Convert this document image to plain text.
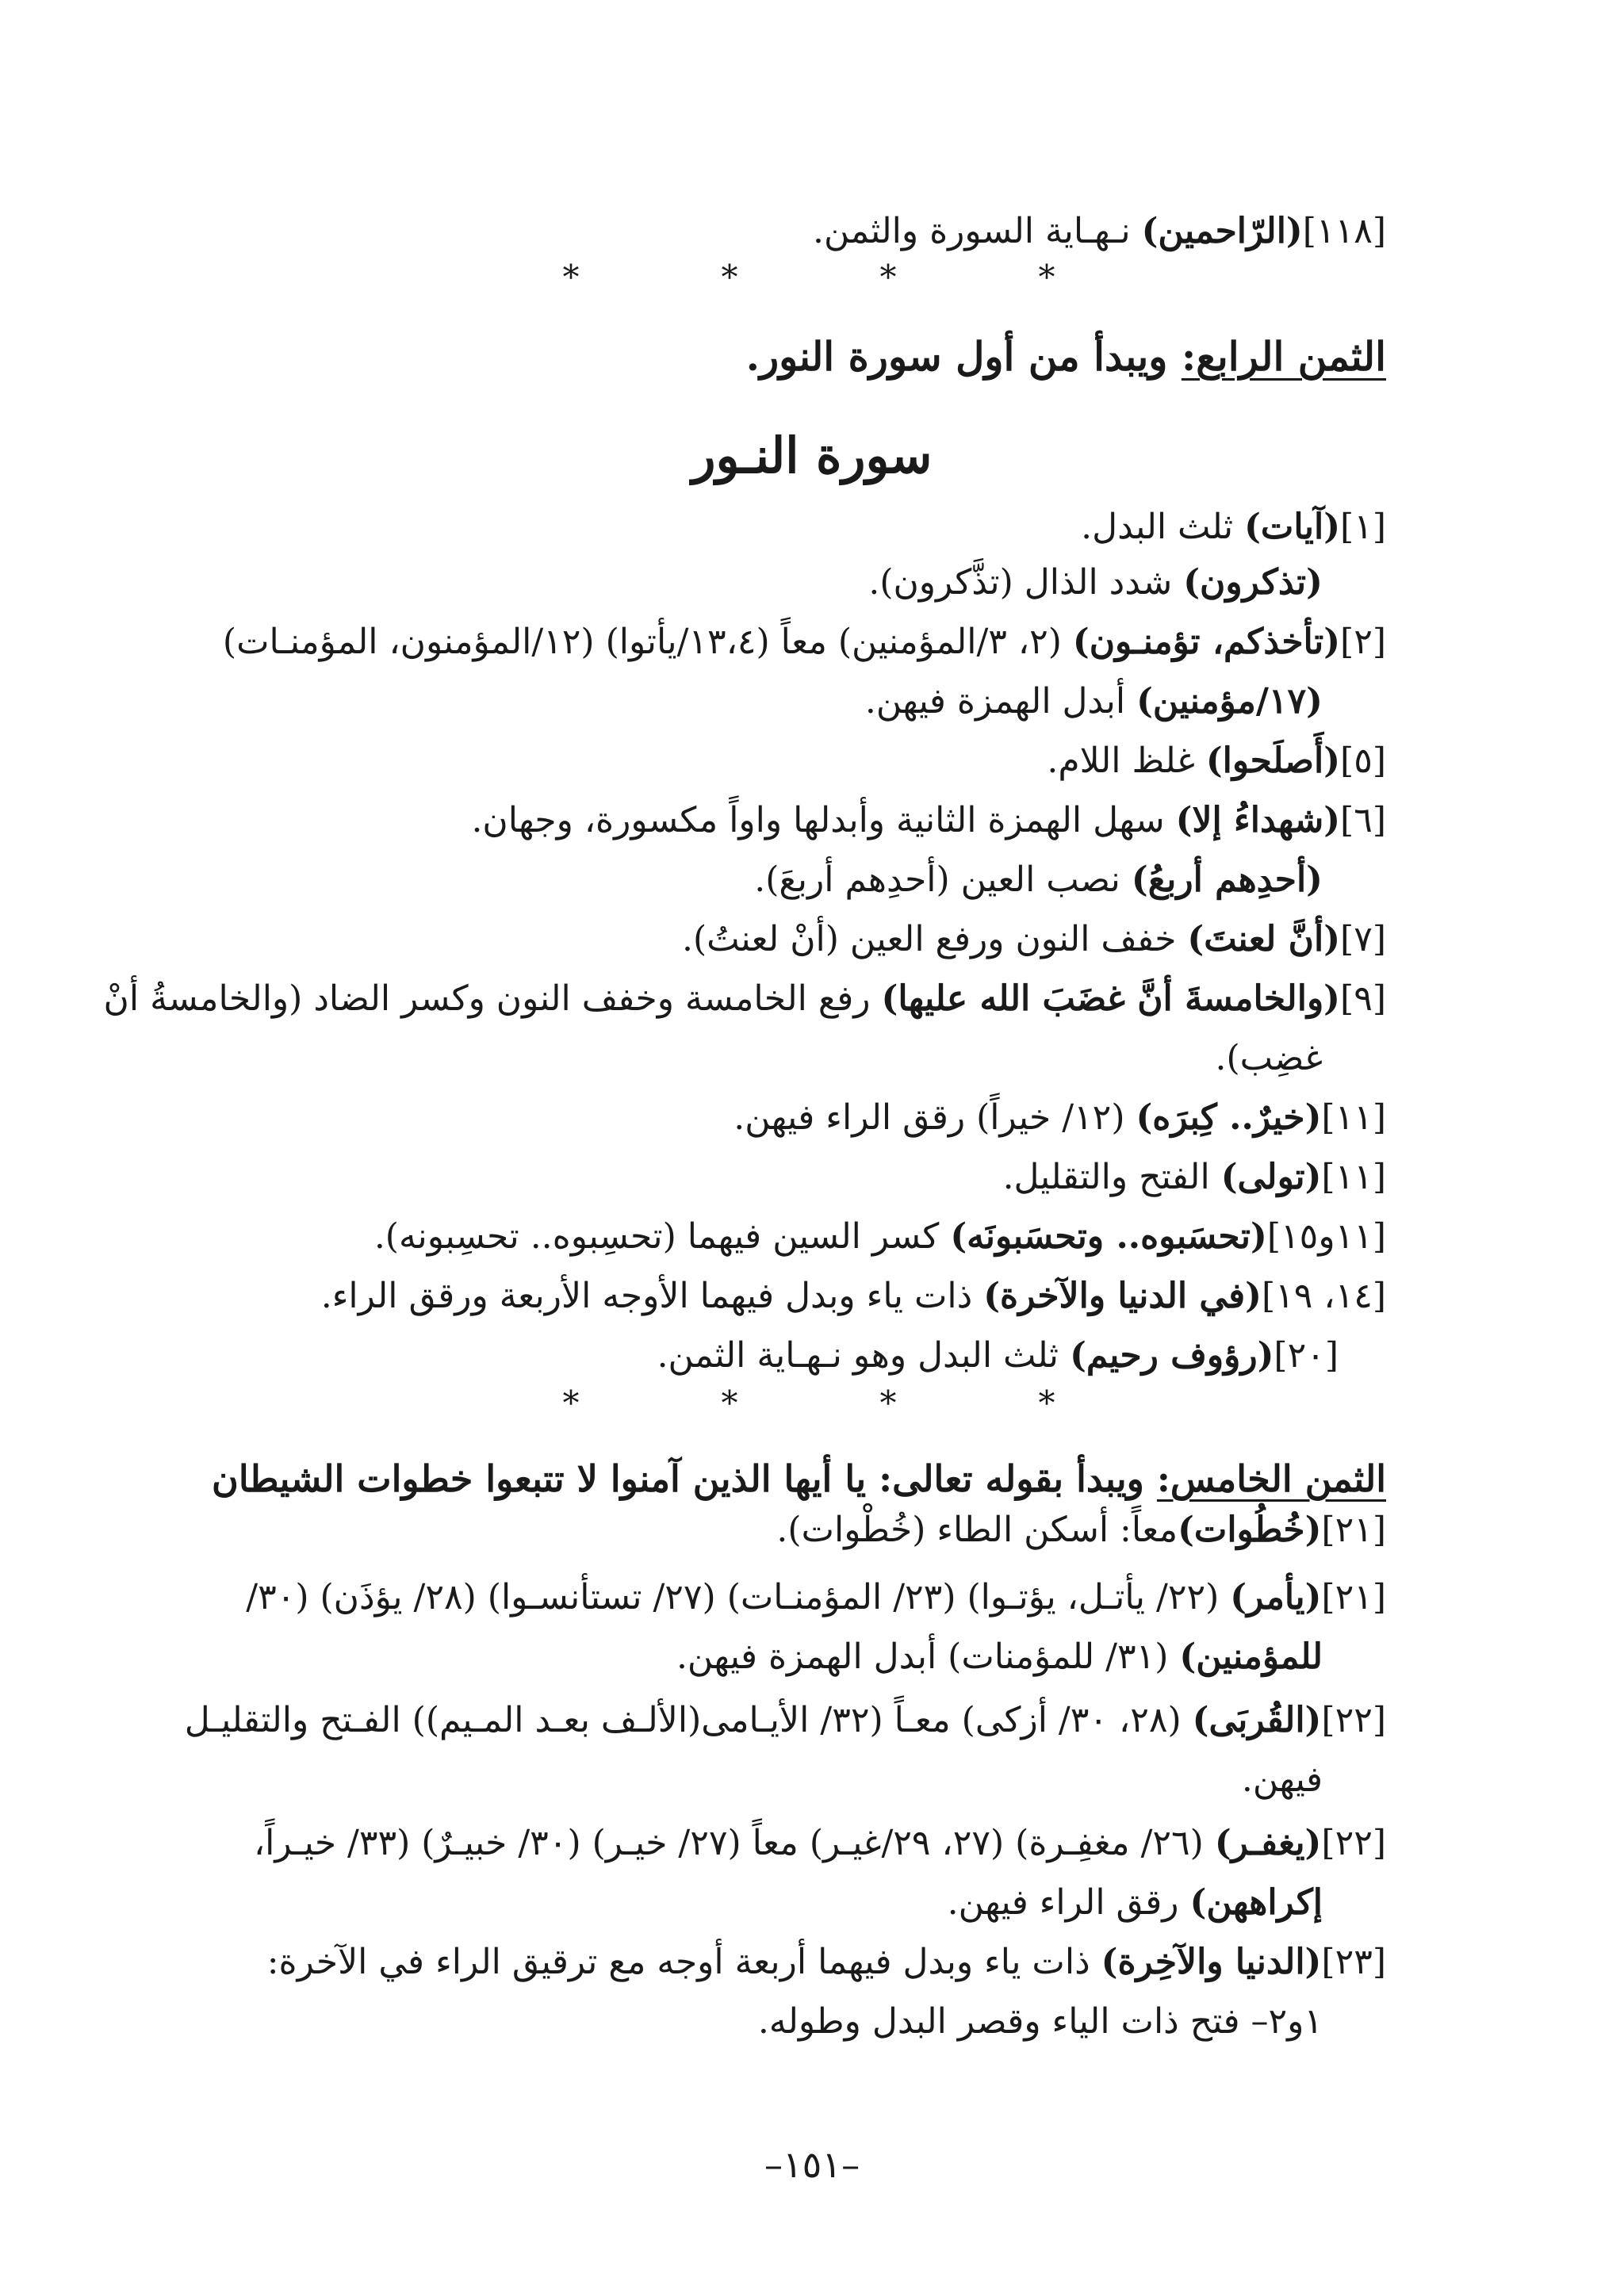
[١١٨](الرّاحمين) نـهـاية السورة والثمن.
*	*	*	*
الثمن الرابع: ويبدأ من أول سورة النور.
سورة النـور
[١](آيات) ثلث البدل.
(تذكرون) شدد الذال (تذَّكرون).
[٢](تأخذكم، تؤمنـون) (٢، ٣/المؤمنين) معاً (١٣،٤/يأتوا) (١٢/المؤمنون، المؤمنـات)
(١٧/مؤمنين) أبدل الهمزة فيهن.
[٥](أَصلَحوا) غلظ اللام.
[٦](شهداءُ إلا) سهل الهمزة الثانية وأبدلها واواً مكسورة، وجهان.
(أحدِهم أربعُ) نصب العين (أحدِهم أربعَ).
[٧](أنَّ لعنتَ) خفف النون ورفع العين (أنْ لعنتُ).
[٩](والخامسةَ أنَّ غضَبَ الله عليها) رفع الخامسة وخفف النون وكسر الضاد (والخامسةُ أنْ
غضِب).
[١١](خيرٌ.. كِبرَه) (١٢/ خيراً) رقق الراء فيهن.
[١١](تولى) الفتح والتقليل.
[١١و١٥](تحسَبوه.. وتحسَبونَه) كسر السين فيهما (تحسِبوه.. تحسِبونه).
[١٤، ١٩](في الدنيا والآخرة) ذات ياء وبدل فيهما الأوجه الأربعة ورقق الراء.
[٢٠](رؤوف رحيم) ثلث البدل وهو نـهـاية الثمن.
*	*	*	*
الثمن الخامس: ويبدأ بقوله تعالى: يا أيها الذين آمنوا لا تتبعوا خطوات الشيطان
[٢١](خُطُوات)معاً: أسكن الطاء (خُطْوات).
[٢١](يأمر) (٢٢/ يأتـل، يؤتـوا) (٢٣/ المؤمنـات) (٢٧/ تستأنسـوا) (٢٨/ يؤذَن) (٣٠/
للمؤمنين) (٣١/ للمؤمنات) أبدل الهمزة فيهن.
[٢٢](القُربَى) (٢٨، ٣٠/ أزكى) معـاً (٣٢/ الأيـامى(الألـف بعـد المـيم)) الفـتح والتقليـل
فيهن.
[٢٢](يغفـر) (٢٦/ مغفِـرة) (٢٧، ٢٩/غيـر) معاً (٢٧/ خيـر) (٣٠/ خبيـرٌ) (٣٣/ خيـراً،
إكراههن) رقق الراء فيهن.
[٢٣](الدنيا والآخِرة) ذات ياء وبدل فيهما أربعة أوجه مع ترقيق الراء في الآخرة:
١و٢– فتح ذات الياء وقصر البدل وطوله.
–١٥١–
